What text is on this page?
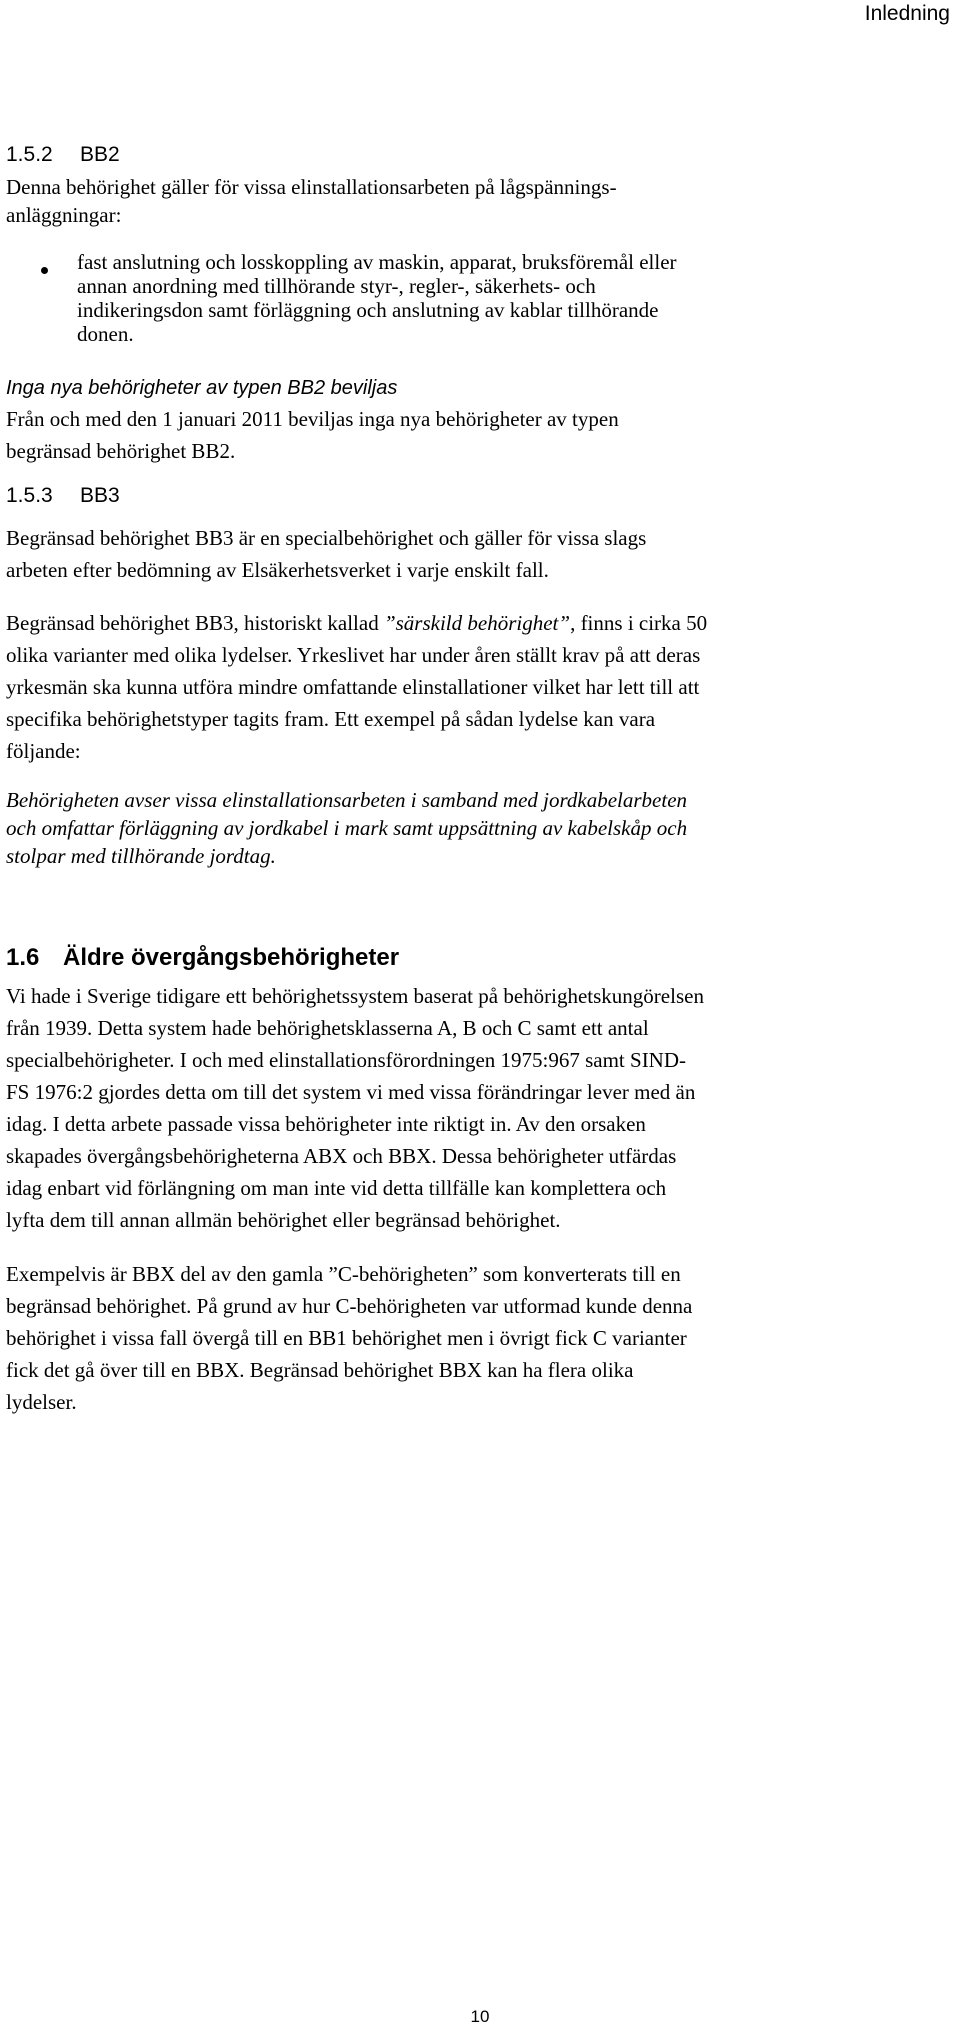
Inledning
1.5.2 BB2
Denna behörighet gäller för vissa elinstallationsarbeten på lågspännings-
anläggningar:
fast anslutning och losskoppling av maskin, apparat, bruksföremål eller
annan anordning med tillhörande styr-, regler-, säkerhets- och
indikeringsdon samt förläggning och anslutning av kablar tillhörande
donen.
Inga nya behörigheter av typen BB2 beviljas
Från och med den 1 januari 2011 beviljas inga nya behörigheter av typen
begränsad behörighet BB2.
1.5.3 BB3
Begränsad behörighet BB3 är en specialbehörighet och gäller för vissa slags
arbeten efter bedömning av Elsäkerhetsverket i varje enskilt fall.
Begränsad behörighet BB3, historiskt kallad ”särskild behörighet”, finns i cirka 50
olika varianter med olika lydelser. Yrkeslivet har under åren ställt krav på att deras
yrkesmän ska kunna utföra mindre omfattande elinstallationer vilket har lett till att
specifika behörighetstyper tagits fram. Ett exempel på sådan lydelse kan vara
följande:
Behörigheten avser vissa elinstallationsarbeten i samband med jordkabelarbeten
och omfattar förläggning av jordkabel i mark samt uppsättning av kabelskåp och
stolpar med tillhörande jordtag.
1.6 Äldre övergångsbehörigheter
Vi hade i Sverige tidigare ett behörighetssystem baserat på behörighetskungörelsen
från 1939. Detta system hade behörighetsklasserna A, B och C samt ett antal
specialbehörigheter. I och med elinstallationsförordningen 1975:967 samt SIND-
FS 1976:2 gjordes detta om till det system vi med vissa förändringar lever med än
idag. I detta arbete passade vissa behörigheter inte riktigt in. Av den orsaken
skapades övergångsbehörigheterna ABX och BBX. Dessa behörigheter utfärdas
idag enbart vid förlängning om man inte vid detta tillfälle kan komplettera och
lyfta dem till annan allmän behörighet eller begränsad behörighet.
Exempelvis är BBX del av den gamla ”C-behörigheten” som konverterats till en
begränsad behörighet. På grund av hur C-behörigheten var utformad kunde denna
behörighet i vissa fall övergå till en BB1 behörighet men i övrigt fick C varianter
fick det gå över till en BBX. Begränsad behörighet BBX kan ha flera olika
lydelser.
10
